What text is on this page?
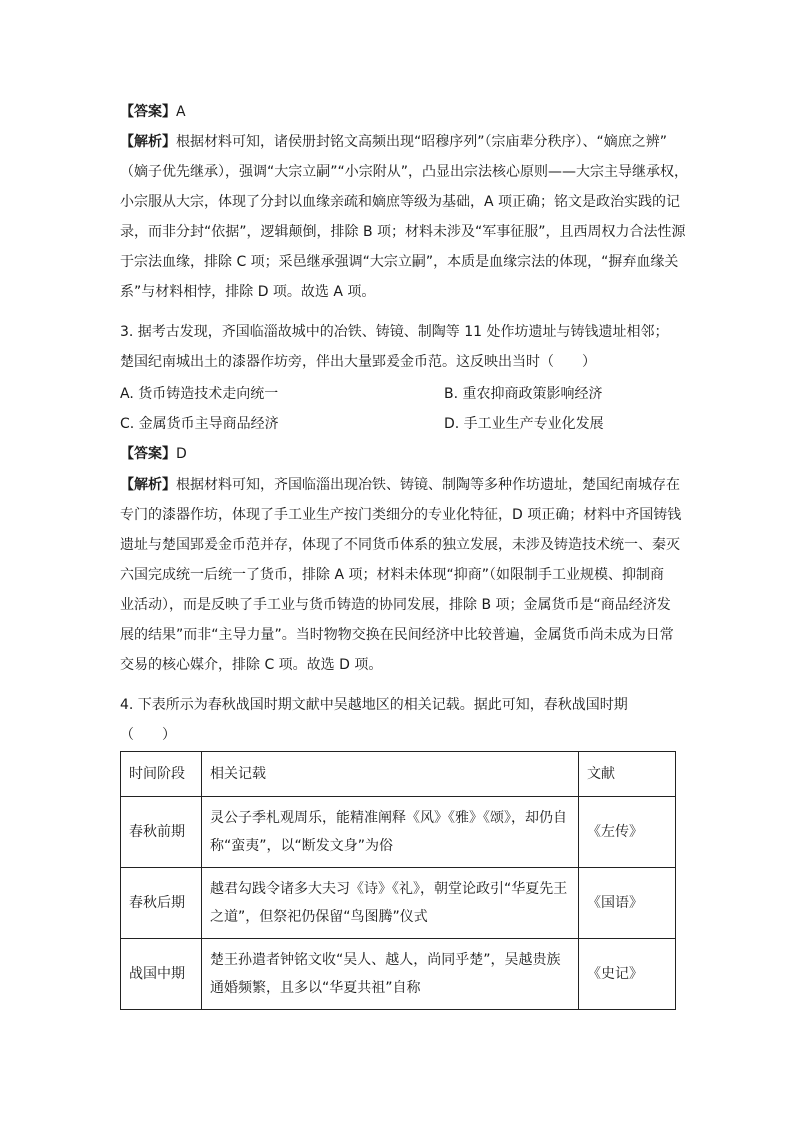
【答案】A
【解析】根据材料可知，诸侯册封铭文高频出现“昭穆序列”（宗庙辈分秩序）、“嫡庶之辨”
（嫡子优先继承），强调“大宗立嗣”“小宗附从”，凸显出宗法核心原则——大宗主导继承权，
小宗服从大宗，体现了分封以血缘亲疏和嫡庶等级为基础，A 项正确；铭文是政治实践的记
录，而非分封“依据”，逻辑颠倒，排除 B 项；材料未涉及“军事征服”，且西周权力合法性源
于宗法血缘，排除 C 项；采邑继承强调“大宗立嗣”，本质是血缘宗法的体现，“摒弃血缘关
系”与材料相悖，排除 D 项。故选 A 项。
3. 据考古发现，齐国临淄故城中的冶铁、铸镜、制陶等 11 处作坊遗址与铸钱遗址相邻；
楚国纪南城出土的漆器作坊旁，伴出大量郢爰金币范。这反映出当时（　　）
A. 货币铸造技术走向统一	B. 重农抑商政策影响经济
C. 金属货币主导商品经济	D. 手工业生产专业化发展
【答案】D
【解析】根据材料可知，齐国临淄出现冶铁、铸镜、制陶等多种作坊遗址，楚国纪南城存在
专门的漆器作坊，体现了手工业生产按门类细分的专业化特征，D 项正确；材料中齐国铸钱
遗址与楚国郢爰金币范并存，体现了不同货币体系的独立发展，未涉及铸造技术统一、秦灭
六国完成统一后统一了货币，排除 A 项；材料未体现“抑商”（如限制手工业规模、抑制商
业活动），而是反映了手工业与货币铸造的协同发展，排除 B 项；金属货币是“商品经济发
展的结果”而非“主导力量”。当时物物交换在民间经济中比较普遍，金属货币尚未成为日常
交易的核心媒介，排除 C 项。故选 D 项。
4. 下表所示为春秋战国时期文献中吴越地区的相关记载。据此可知，春秋战国时期
（　　）
时间阶段	相关记载	文献
春秋前期	灵公子季札观周乐，能精准阐释《风》《雅》《颂》，却仍自
称“蛮夷”，以“断发文身”为俗	《左传》
春秋后期	越君勾践令诸多大夫习《诗》《礼》，朝堂论政引“华夏先王
之道”，但祭祀仍保留“鸟图腾”仪式	《国语》
战国中期	楚王孙遣者钟铭文收“吴人、越人，尚同乎楚”，吴越贵族
通婚频繁，且多以“华夏共祖”自称	《史记》
